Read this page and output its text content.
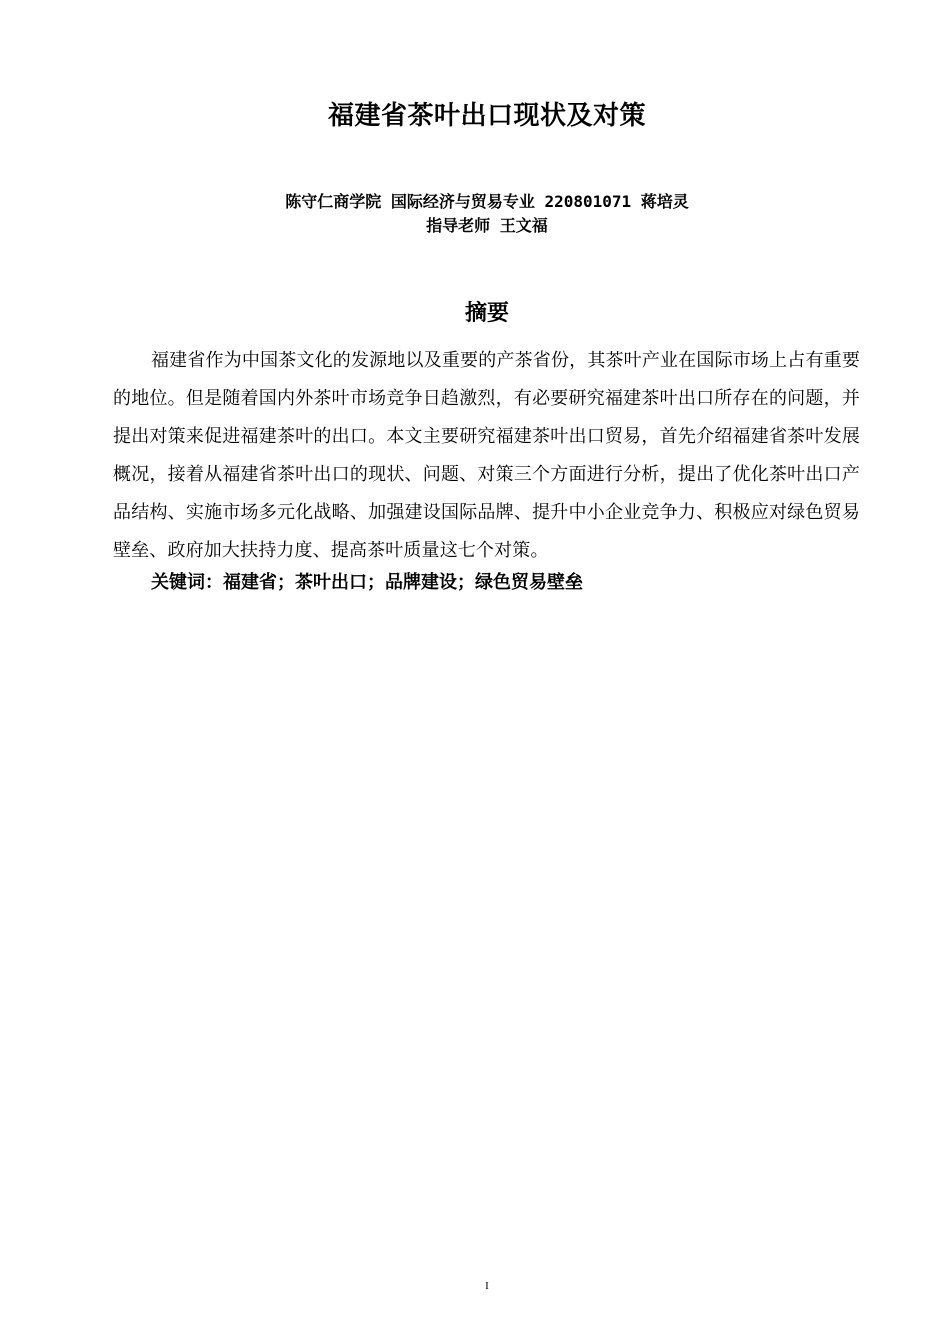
福建省茶叶出口现状及对策
陈守仁商学院 国际经济与贸易专业 220801071 蒋培灵
指导老师 王文福
摘要
福建省作为中国茶文化的发源地以及重要的产茶省份，其茶叶产业在国际市场上占有重要的地位。但是随着国内外茶叶市场竞争日趋激烈，有必要研究福建茶叶出口所存在的问题，并提出对策来促进福建茶叶的出口。本文主要研究福建茶叶出口贸易，首先介绍福建省茶叶发展概况，接着从福建省茶叶出口的现状、问题、对策三个方面进行分析，提出了优化茶叶出口产品结构、实施市场多元化战略、加强建设国际品牌、提升中小企业竞争力、积极应对绿色贸易壁垒、政府加大扶持力度、提高茶叶质量这七个对策。
关键词：福建省；茶叶出口；品牌建设；绿色贸易壁垒
I
